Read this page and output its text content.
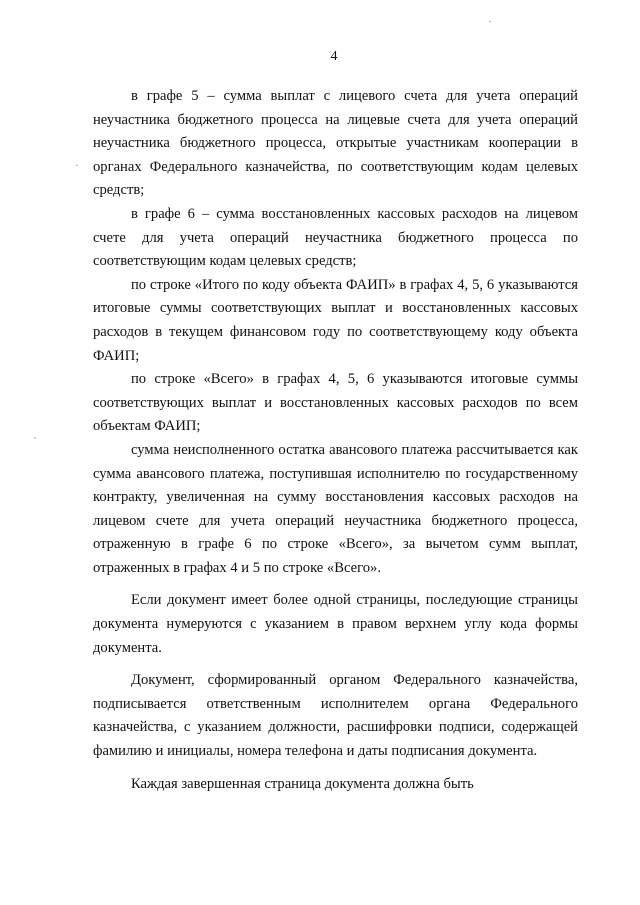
4

в графе 5 – сумма выплат с лицевого счета для учета операций неучастника бюджетного процесса на лицевые счета для учета операций неучастника бюджетного процесса, открытые участникам кооперации в органах Федерального казначейства, по соответствующим кодам целевых средств;

в графе 6 – сумма восстановленных кассовых расходов на лицевом счете для учета операций неучастника бюджетного процесса по соответствующим кодам целевых средств;

по строке «Итого по коду объекта ФАИП» в графах 4, 5, 6 указываются итоговые суммы соответствующих выплат и восстановленных кассовых расходов в текущем финансовом году по соответствующему коду объекта ФАИП;

по строке «Всего» в графах 4, 5, 6 указываются итоговые суммы соответствующих выплат и восстановленных кассовых расходов по всем объектам ФАИП;

сумма неисполненного остатка авансового платежа рассчитывается как сумма авансового платежа, поступившая исполнителю по государственному контракту, увеличенная на сумму восстановления кассовых расходов на лицевом счете для учета операций неучастника бюджетного процесса, отраженную в графе 6 по строке «Всего», за вычетом сумм выплат, отраженных в графах 4 и 5 по строке «Всего».

Если документ имеет более одной страницы, последующие страницы документа нумеруются с указанием в правом верхнем углу кода формы документа.

Документ, сформированный органом Федерального казначейства, подписывается ответственным исполнителем органа Федерального казначейства, с указанием должности, расшифровки подписи, содержащей фамилию и инициалы, номера телефона и даты подписания документа.

Каждая завершенная страница документа должна быть

·
ˊ
·
